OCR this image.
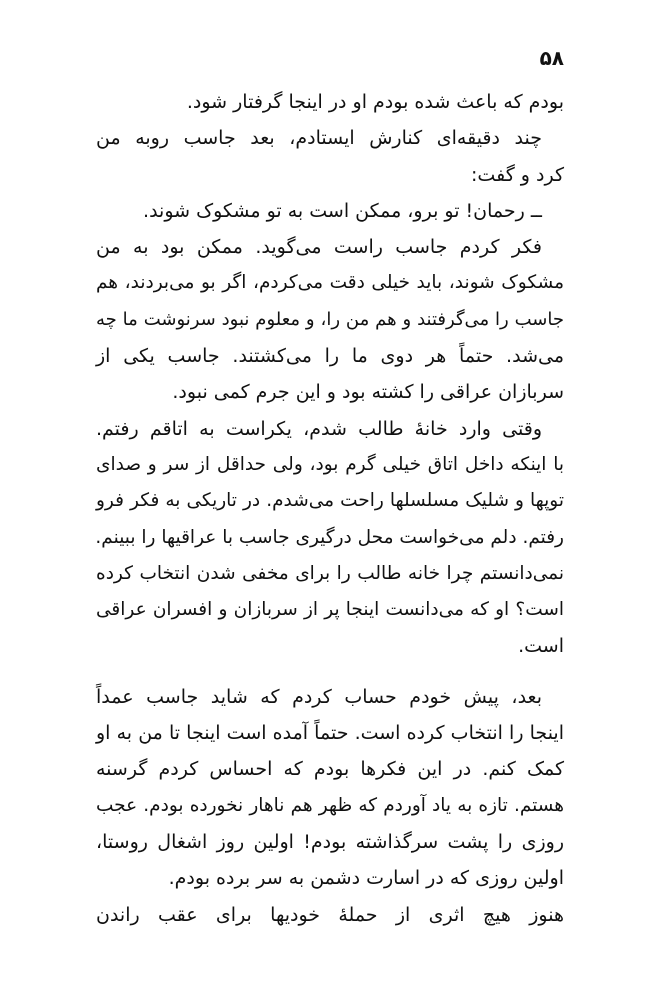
۵۸
بودم که باعث شده بودم او در اینجا گرفتار شود.
چند دقیقه‌ای کنارش ایستادم، بعد جاسب روبه من
کرد و گفت:
ــ رحمان! تو برو، ممکن است به تو مشکوک شوند.
فکر کردم جاسب راست می‌گوید. ممکن بود به من
مشکوک شوند، باید خیلی دقت می‌کردم، اگر بو می‌بردند، هم
جاسب را می‌گرفتند و هم من را، و معلوم نبود سرنوشت ما چه
می‌شد. حتماً هر دوی ما را می‌کشتند. جاسب یکی از
سربازان عراقی را کشته بود و این جرم کمی نبود.
وقتی وارد خانهٔ طالب شدم، یکراست به اتاقم رفتم.
با اینکه داخل اتاق خیلی گرم بود، ولی حداقل از سر و صدای
توپها و شلیک مسلسلها راحت می‌شدم. در تاریکی به فکر فرو
رفتم. دلم می‌خواست محل درگیری جاسب با عراقیها را ببینم.
نمی‌دانستم چرا خانه طالب را برای مخفی شدن انتخاب کرده
است؟ او که می‌دانست اینجا پر از سربازان و افسران عراقی
است.
بعد، پیش خودم حساب کردم که شاید جاسب عمداً
اینجا را انتخاب کرده است. حتماً آمده است اینجا تا من به او
کمک کنم. در این فکرها بودم که احساس کردم گرسنه
هستم. تازه به یاد آوردم که ظهر هم ناهار نخورده بودم. عجب
روزی را پشت سرگذاشته بودم! اولین روز اشغال روستا،
اولین روزی که در اسارت دشمن به سر برده بودم.
هنوز هیچ اثری از حملهٔ خودیها برای عقب راندن
